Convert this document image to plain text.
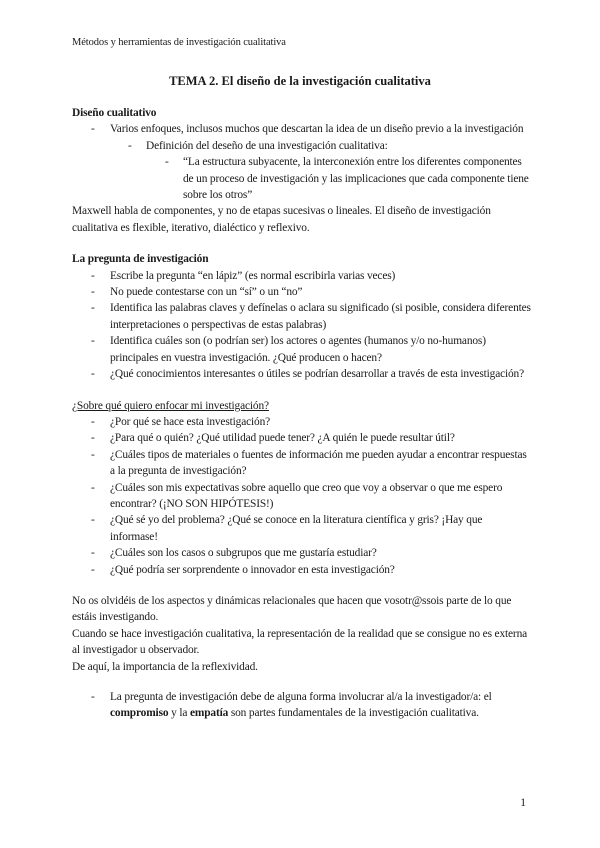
Métodos y herramientas de investigación cualitativa
TEMA 2. El diseño de la investigación cualitativa
Diseño cualitativo
- Varios enfoques, inclusos muchos que descartan la idea de un diseño previo a la investigación
- Definición del deseño de una investigación cualitativa:
- “La estructura subyacente, la interconexión entre los diferentes componentes de un proceso de investigación y las implicaciones que cada componente tiene sobre los otros”

Maxwell habla de componentes, y no de etapas sucesivas o lineales. El diseño de investigación cualitativa es flexible, iterativo, dialéctico y reflexivo.

La pregunta de investigación
- Escribe la pregunta “en lápiz” (es normal escribirla varias veces)
- No puede contestarse con un “sí” o un “no”
- Identifica las palabras claves y defínelas o aclara su significado (si posible, considera diferentes interpretaciones o perspectivas de estas palabras)
- Identifica cuáles son (o podrían ser) los actores o agentes (humanos y/o no-humanos) principales en vuestra investigación. ¿Qué producen o hacen?
- ¿Qué conocimientos interesantes o útiles se podrían desarrollar a través de esta investigación?
¿Sobre qué quiero enfocar mi investigación?
- ¿Por qué se hace esta investigación?
- ¿Para qué o quién? ¿Qué utilidad puede tener? ¿A quién le puede resultar útil?
- ¿Cuáles tipos de materiales o fuentes de información me pueden ayudar a encontrar respuestas a la pregunta de investigación?
- ¿Cuáles son mis expectativas sobre aquello que creo que voy a observar o que me espero encontrar? (¡NO SON HIPÓTESIS!)
- ¿Qué sé yo del problema? ¿Qué se conoce en la literatura científica y gris? ¡Hay que informase!
- ¿Cuáles son los casos o subgrupos que me gustaría estudiar?
- ¿Qué podría ser sorprendente o innovador en esta investigación?

No os olvidéis de los aspectos y dinámicas relacionales que hacen que vosotr@ssois parte de lo que estáis investigando.

Cuando se hace investigación cualitativa, la representación de la realidad que se consigue no es externa al investigador u observador.

De aquí, la importancia de la reflexividad.

- La pregunta de investigación debe de alguna forma involucrar al/a la investigador/a: el compromiso y la empatía son partes fundamentales de la investigación cualitativa.
1
